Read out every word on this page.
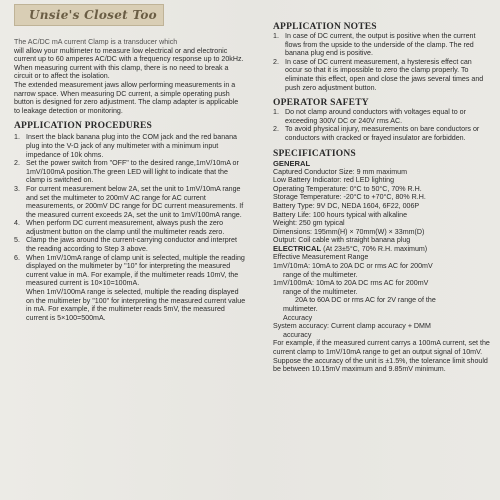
The AC/DC mA current Clamp is a transducer which

will allow your multimeter to measure low electrical or and electronic current up to 60 amperes AC/DC with a frequency response up to 20kHz. When measuring current with this clamp, there is no need to break a circuit or to affect the isolation.

The extended measurement jaws allow performing measurements in a narrow space. When measuring DC current, a simple operating push button is designed for zero adjustment. The clamp adapter is applicable to leakage detection or monitoring.

APPLICATION PROCEDURES

1. Insert the black banana plug into the COM jack and the red banana plug into the V-Ω jack of any multimeter with a minimum input impedance of 10k ohms.
2. Set the power switch from "OFF" to the desired range,1mV/10mA or 1mV/100mA position.The green LED will light to indicate that the clamp is switched on.
3. For current measurement below 2A, set the unit to 1mV/10mA range and set the multimeter to 200mV AC range for AC current measurements, or 200mV DC range for DC current measurements. If the measured current exceeds 2A, set the unit to 1mV/100mA range.
4. When perform DC current measurement, always push the zero adjustment button on the clamp until the multimeter reads zero.
5. Clamp the jaws around the current-carrying conductor and interpret the reading according to Step 3 above.
6. When 1mV/10mA range of clamp unit is selected, multiple the reading displayed on the multimeter by "10" for interpreting the measured current value in mA. For example, if the multimeter reads 10mV, the measured current is 10×10=100mA.

When 1mV/100mA range is selected, multiple the reading displayed on the multimeter by "100" for interpreting the measured current value in mA. For example, if the multimeter reads 5mV, the measured current is 5×100=500mA.

Unsie's Closet Too

APPLICATION NOTES

1. In case of DC current, the output is positive when the current flows from the upside to the underside of the clamp. The red banana plug end is positive.
2. In case of DC current measurement, a hysteresis effect can occur so that it is impossible to zero the clamp properly. To eliminate this effect, open and close the jaws several times and push zero adjustment button.

OPERATOR SAFETY

1. Do not clamp around conductors with voltages equal to or exceeding 300V DC or 240V rms AC.
2. To avoid physical injury, measurements on bare conductors or conductors with cracked or frayed insulator are forbidden.

SPECIFICATIONS

GENERAL

Captured Conductor Size: 9 mm maximum

Low Battery Indicator: red LED lighting

Operating Temperature: 0°C to 50°C, 70% R.H.

Storage Temperature: -20°C to +70°C, 80% R.H.

Battery Type: 9V DC, NEDA 1604, 6F22, 006P

Battery Life: 100 hours typical with alkaline

Weight: 250 gm typical

Dimensions: 195mm(H) × 70mm(W) × 33mm(D)

Output: Coil cable with straight banana plug

ELECTRICAL (At 23±5°C, 70% R.H. maximum)

Effective Measurement Range

1mV/10mA: 10mA to 20A DC or rms AC for 200mV

range of the multimeter.

1mV/100mA: 10mA to 20A DC rms AC for 200mV

range of the multimeter.

20A to 60A DC or rms AC for 2V range of the

multimeter.

Accuracy

System accuracy: Current clamp accuracy + DMM

accuracy

For example, if the measured current carrys a 100mA current, set the current clamp to 1mV/10mA range to get an output signal of 10mV. Suppose the accuracy of the unit is ±1.5%, the tolerance limit should be between 10.15mV maximum and 9.85mV minimum.
